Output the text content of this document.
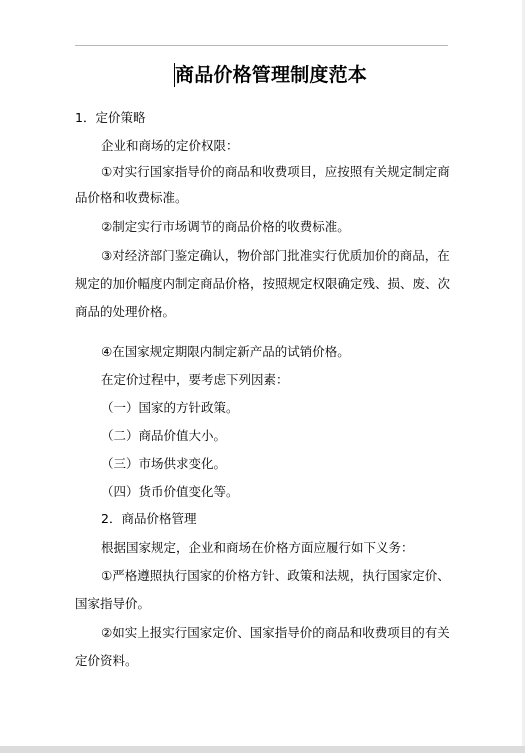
商品价格管理制度范本
1．定价策略
企业和商场的定价权限：
①对实行国家指导价的商品和收费项目，应按照有关规定制定商
品价格和收费标准。
②制定实行市场调节的商品价格的收费标准。
③对经济部门鉴定确认，物价部门批准实行优质加价的商品，在
规定的加价幅度内制定商品价格，按照规定权限确定残、损、废、次
商品的处理价格。
④在国家规定期限内制定新产品的试销价格。
在定价过程中，要考虑下列因素：
（一）国家的方针政策。
（二）商品价值大小。
（三）市场供求变化。
（四）货币价值变化等。
2．商品价格管理
根据国家规定，企业和商场在价格方面应履行如下义务：
①严格遵照执行国家的价格方针、政策和法规，执行国家定价、
国家指导价。
②如实上报实行国家定价、国家指导价的商品和收费项目的有关
定价资料。
